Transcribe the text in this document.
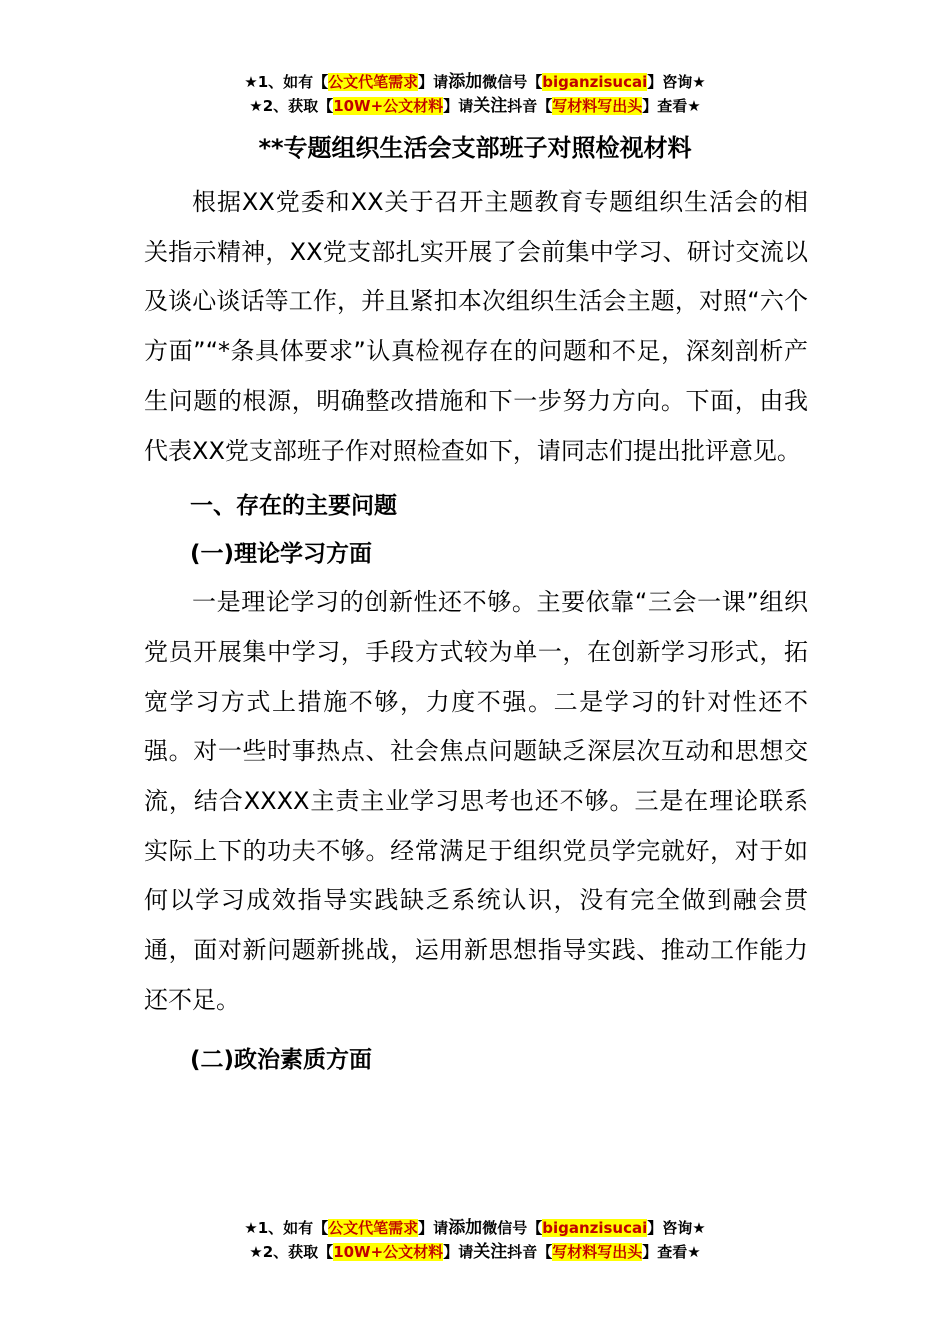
★1、如有【公文代笔需求】请添加微信号【biganzisucai】咨询★
★2、获取【10W+公文材料】请关注抖音【写材料写出头】查看★
**专题组织生活会支部班子对照检视材料

根据XX党委和XX关于召开主题教育专题组织生活会的相关指示精神，XX党支部扎实开展了会前集中学习、研讨交流以及谈心谈话等工作，并且紧扣本次组织生活会主题，对照“六个方面”“*条具体要求”认真检视存在的问题和不足，深刻剖析产生问题的根源，明确整改措施和下一步努力方向。下面，由我代表XX党支部班子作对照检查如下，请同志们提出批评意见。

一、存在的主要问题
(一)理论学习方面

一是理论学习的创新性还不够。主要依靠“三会一课”组织党员开展集中学习，手段方式较为单一，在创新学习形式，拓宽学习方式上措施不够，力度不强。二是学习的针对性还不强。对一些时事热点、社会焦点问题缺乏深层次互动和思想交流，结合XXXX主责主业学习思考也还不够。三是在理论联系实际上下的功夫不够。经常满足于组织党员学完就好，对于如何以学习成效指导实践缺乏系统认识，没有完全做到融会贯通，面对新问题新挑战，运用新思想指导实践、推动工作能力还不足。

(二)政治素质方面
★1、如有【公文代笔需求】请添加微信号【biganzisucai】咨询★
★2、获取【10W+公文材料】请关注抖音【写材料写出头】查看★
